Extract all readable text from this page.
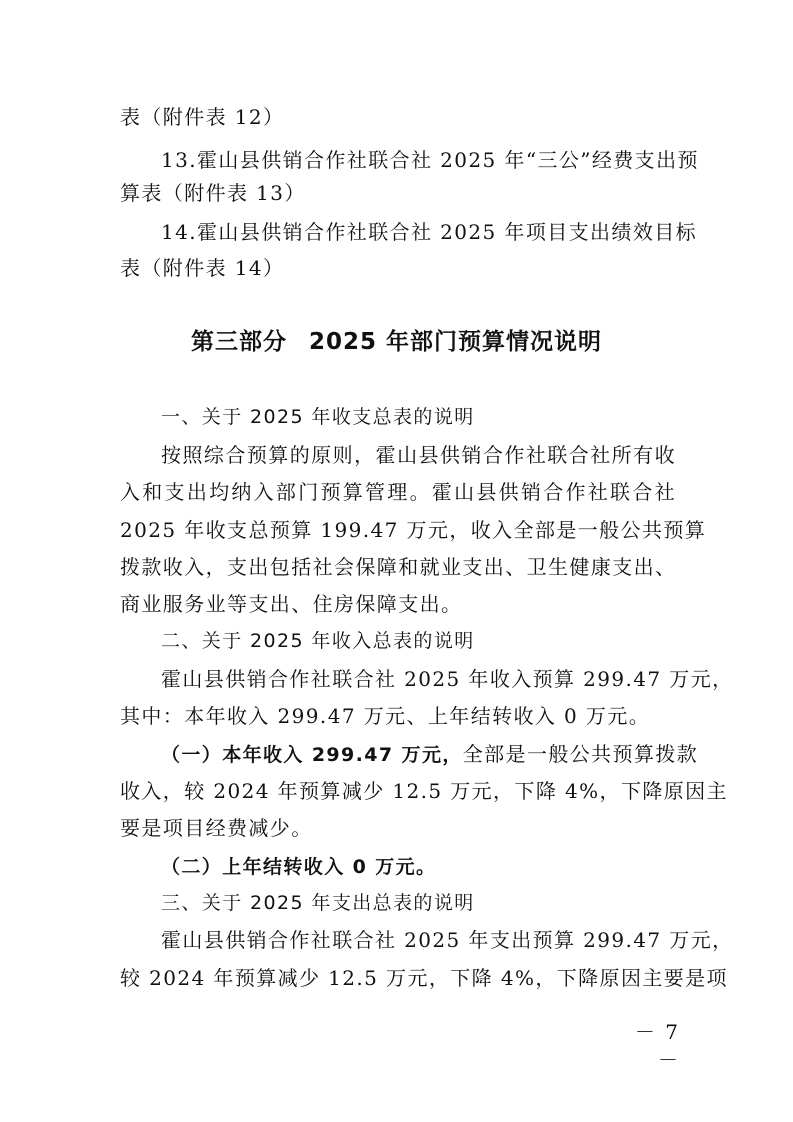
表（附件表 12）
13.霍山县供销合作社联合社 2025 年“三公”经费支出预
算表（附件表 13）
14.霍山县供销合作社联合社 2025 年项目支出绩效目标
表（附件表 14）
第三部分 2025 年部门预算情况说明
一、关于 2025 年收支总表的说明
按照综合预算的原则，霍山县供销合作社联合社所有收
入和支出均纳入部门预算管理。霍山县供销合作社联合社
2025 年收支总预算 199.47 万元，收入全部是一般公共预算
拨款收入，支出包括社会保障和就业支出、卫生健康支出、
商业服务业等支出、住房保障支出。
二、关于 2025 年收入总表的说明
霍山县供销合作社联合社 2025 年收入预算 299.47 万元，
其中：本年收入 299.47 万元、上年结转收入 0 万元。
（一）本年收入 299.47 万元，全部是一般公共预算拨款
收入，较 2024 年预算减少 12.5 万元，下降 4%，下降原因主
要是项目经费减少。
（二）上年结转收入 0 万元。
三、关于 2025 年支出总表的说明
霍山县供销合作社联合社 2025 年支出预算 299.47 万元，
较 2024 年预算减少 12.5 万元，下降 4%，下降原因主要是项
－ 7 －
